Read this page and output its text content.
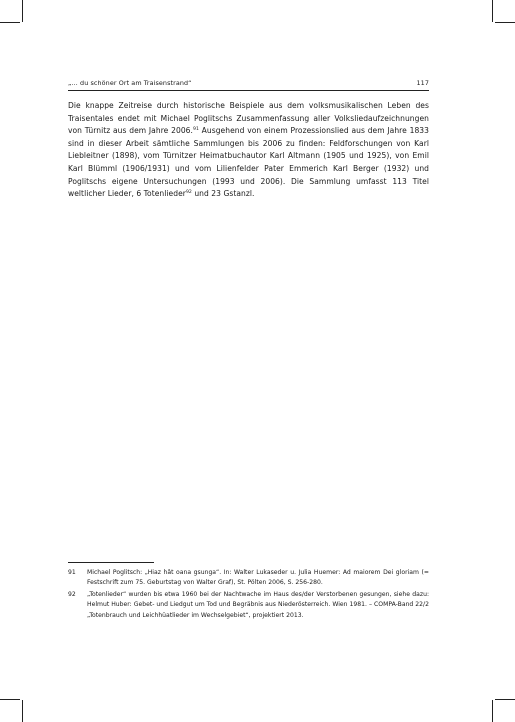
„… du schöner Ort am Traisenstrand“	117
Die knappe Zeitreise durch historische Beispiele aus dem volksmusikalischen Leben des Traisentales endet mit Michael Poglitschs Zusammenfassung aller Volksliedaufzeichnungen von Türnitz aus dem Jahre 2006.91 Ausgehend von einem Prozessionslied aus dem Jahre 1833 sind in dieser Arbeit sämtliche Sammlungen bis 2006 zu finden: Feldforschungen von Karl Liebleitner (1898), vom Türnitzer Heimatbuchautor Karl Altmann (1905 und 1925), von Emil Karl Blümml (1906/1931) und vom Lilienfelder Pater Emmerich Karl Berger (1932) und Poglitschs eigene Untersuchungen (1993 und 2006). Die Sammlung umfasst 113 Titel weltlicher Lieder, 6 Totenlieder$^{92}$ und 23 Gstanzl.
91 Michael Poglitsch: „Hiaz hât oana gsunga“. In: Walter Lukaseder u. Julia Huemer: Ad maiorem Dei gloriam (= Festschrift zum 75. Geburtstag von Walter Graf), St. Pölten 2006, S. 256-280.
92 „Totenlieder“ wurden bis etwa 1960 bei der Nachtwache im Haus des/der Verstorbenen gesungen, siehe dazu: Helmut Huber: Gebet- und Liedgut um Tod und Begräbnis aus Niederösterreich. Wien 1981. – COMPA-Band 22/2 „Totenbrauch und Leichhüatlieder im Wechselgebiet“, projektiert 2013.
